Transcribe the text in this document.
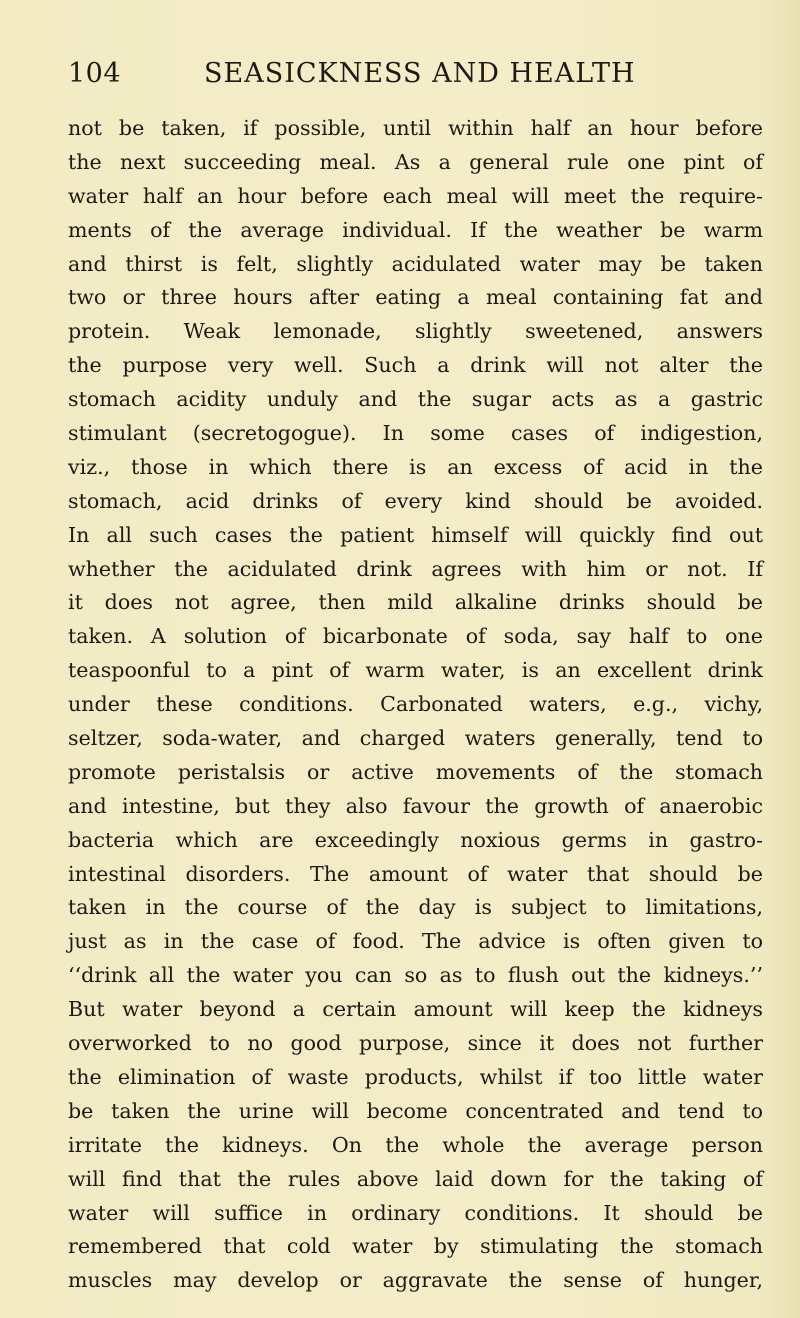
104	SEASICKNESS AND HEALTH
not be taken, if possible, until within half an hour before
the next succeeding meal. As a general rule one pint of
water half an hour before each meal will meet the require-
ments of the average individual. If the weather be warm
and thirst is felt, slightly acidulated water may be taken
two or three hours after eating a meal containing fat and
protein. Weak lemonade, slightly sweetened, answers
the purpose very well. Such a drink will not alter the
stomach acidity unduly and the sugar acts as a gastric
stimulant (secretogogue). In some cases of indigestion,
viz., those in which there is an excess of acid in the
stomach, acid drinks of every kind should be avoided.
In all such cases the patient himself will quickly find out
whether the acidulated drink agrees with him or not. If
it does not agree, then mild alkaline drinks should be
taken. A solution of bicarbonate of soda, say half to one
teaspoonful to a pint of warm water, is an excellent drink
under these conditions. Carbonated waters, e.g., vichy,
seltzer, soda-water, and charged waters generally, tend to
promote peristalsis or active movements of the stomach
and intestine, but they also favour the growth of anaerobic
bacteria which are exceedingly noxious germs in gastro-
intestinal disorders. The amount of water that should be
taken in the course of the day is subject to limitations,
just as in the case of food. The advice is often given to
‘‘drink all the water you can so as to flush out the kidneys.’’
But water beyond a certain amount will keep the kidneys
overworked to no good purpose, since it does not further
the elimination of waste products, whilst if too little water
be taken the urine will become concentrated and tend to
irritate the kidneys. On the whole the average person
will find that the rules above laid down for the taking of
water will suffice in ordinary conditions. It should be
remembered that cold water by stimulating the stomach
muscles may develop or aggravate the sense of hunger,
